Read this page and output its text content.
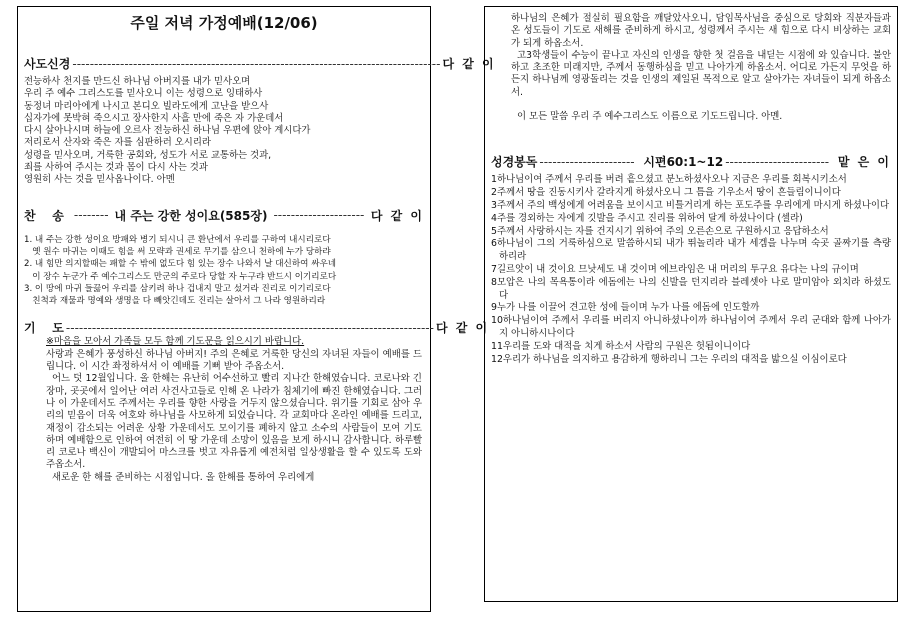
주일 저녁 가정예배(12/06)
사도신경 ------------------------------------------------------------------------------------- 다 같 이
전능하사 천지를 만드신 하나님 아버지를 내가 믿사오며
우리 주 예수 그리스도를 믿사오니 이는 성령으로 잉태하사
동정녀 마리아에게 나시고 본디오 빌라도에게 고난을 받으사
십자가에 못박혀 죽으시고 장사한지 사흘 만에 죽은 자 가운데서
다시 살아나시며 하늘에 오르사 전능하신 하나님 우편에 앉아 계시다가
저리로서 산자와 죽은 자를 심판하러 오시리라
성령을 믿사오며, 거룩한 공회와, 성도가 서로 교통하는 것과,
죄를 사하여 주시는 것과 몸이 다시 사는 것과
영원히 사는 것을 믿사옵나이다. 아멘
찬    송 -------- 내 주는 강한 성이요(585장) --------------------- 다 같 이
1. 내 주는 강한 성이요 방패와 병기 되시니 큰 환난에서 우리를 구하여 내시리로다
옛 원수 마귀는 이때도 힘을 써 모략과 권세로 무기를 삼으니 천하에 누가 당하랴
2. 내 힘만 의지할때는 패할 수 밖에 없도다 힘 있는 장수 나와서 날 대신하여 싸우네
이 장수 누군가 주 예수그리스도 만군의 주로다 당할 자 누구랴 반드시 이기리로다
3. 이 땅에 마귀 들끓어 우리를 삼키려 하나 겁내지 말고 섰거라 진리로 이기리로다
친척과 재물과 명예와 생명을 다 빼앗긴데도 진리는 살아서 그 나라 영원하리라
기    도 ------------------------------------------------------------------------------------- 다 같 이
※마음을 모아서 가족들 모두 함께 기도문을 읽으시기 바랍니다.

사랑과 은혜가 풍성하신 하나님 아버지! 주의 은혜로 거룩한 당신의 자녀된 자들이 예배를 드립니다. 이 시간 좌정하셔서 이 예배를 기뻐 받아 주옵소서.

어느 덧 12월입니다. 올 한해는 유난히 어수선하고 빨리 지나간 한해였습니다. 코로나와 긴 장마, 곳곳에서 일어난 여러 사건사고들로 인해 온 나라가 침체기에 빠진 한해였습니다. 그러나 이 가운데서도 주께서는 우리를 향한 사랑을 거두지 않으셨습니다. 위기를 기회로 삼아 우리의 믿음이 더욱 여호와 하나님을 사모하게 되었습니다. 각 교회마다 온라인 예배를 드리고, 재정이 감소되는 어려운 상황 가운데서도 모이기를 폐하지 않고 소수의 사람들이 모여 기도하며 예배함으로 인하여 여전히 이 땅 가운데 소망이 있음을 보게 하시니 감사합니다. 하루빨리 코로나 백신이 개발되어 마스크를 벗고 자유롭게 예전처럼 일상생활을 할 수 있도록 도와 주옵소서.

새로운 한 해를 준비하는 시점입니다. 올 한해를 통하여 우리에게

하나님의 은혜가 절실히 필요함을 깨달았사오니, 담임목사님을 중심으로 당회와 직분자들과 온 성도들이 기도로 새해를 준비하게 하시고, 성령께서 주시는 새 힘으로 다시 비상하는 교회가 되게 하옵소서.

고3학생들이 수능이 끝나고 자신의 인생을 향한 첫 걸음을 내딛는 시점에 와 있습니다. 불안하고 초조한 미래지만, 주께서 동행하심을 믿고 나아가게 하옵소서. 어디로 가든지 무엇을 하든지 하나님께 영광돌리는 것을 인생의 제일된 목적으로 알고 살아가는 자녀들이 되게 하옵소서.

이 모든 말씀 우리 주 예수그리스도 이름으로 기도드립니다. 아멘.

성경봉독 ---------------------- 시편60:1~12 ------------------------ 맡 은 이
1하나님이여 주께서 우리를 버려 흩으셨고 분노하셨사오나 지금은 우리를 회복시키소서
2주께서 땅을 진동시키사 갈라지게 하셨사오니 그 틈을 기우소서 땅이 흔들림이니이다
3주께서 주의 백성에게 어려움을 보이시고 비틀거리게 하는 포도주를 우리에게 마시게 하셨나이다
4주를 경외하는 자에게 깃발을 주시고 진리를 위하여 달게 하셨나이다 (셀라)
5주께서 사랑하시는 자를 건지시기 위하여 주의 오른손으로 구원하시고 응답하소서
6하나님이 그의 거룩하심으로 말씀하시되 내가 뛰놀리라 내가 세겜을 나누며 숙곳 골짜기를 측량하리라
7길르앗이 내 것이요 므낫세도 내 것이며 에브라임은 내 머리의 투구요 유다는 나의 규이며
8모압은 나의 목욕통이라 에돔에는 나의 신발을 던지리라 블레셋아 나로 말미암아 외치라 하셨도다
9누가 나를 이끌어 견고한 성에 들이며 누가 나를 에돔에 인도할까
10하나님이여 주께서 우리를 버리지 아니하셨나이까 하나님이여 주께서 우리 군대와 함께 나아가지 아니하시나이다
11우리를 도와 대적을 치게 하소서 사람의 구원은 헛됨이니이다
12우리가 하나님을 의지하고 용감하게 행하리니 그는 우리의 대적을 밟으실 이심이로다
